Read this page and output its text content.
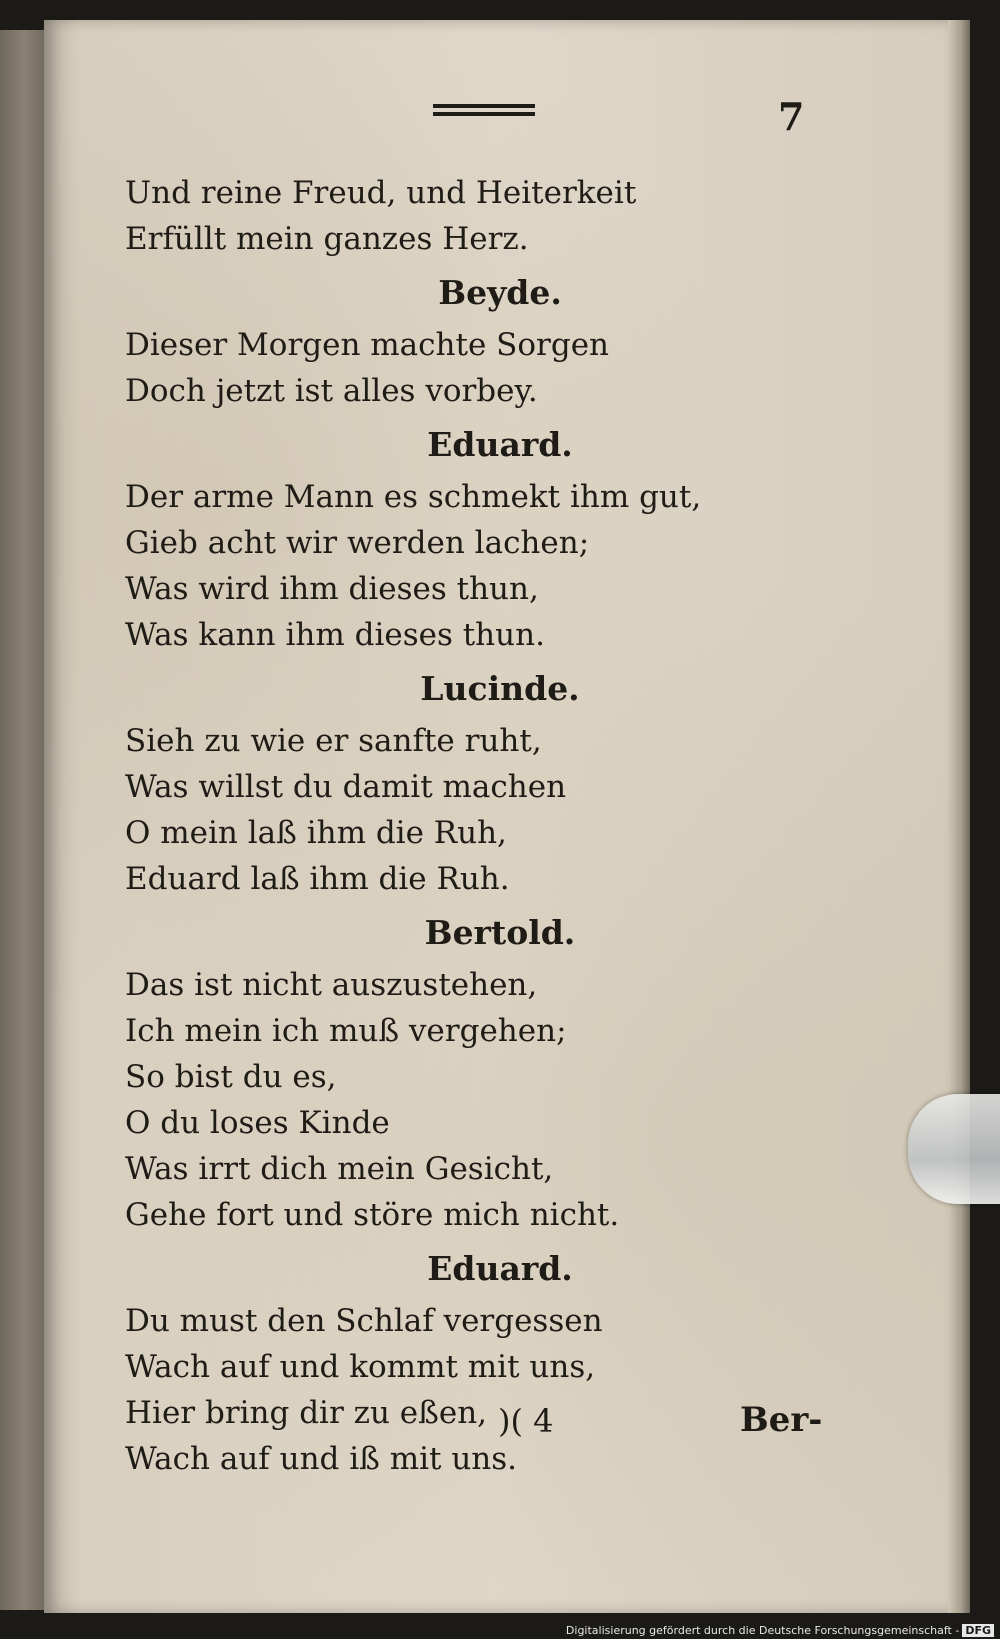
7
Und reine Freud, und Heiterkeit
Erfüllt mein ganzes Herz.
Beyde.
Dieser Morgen machte Sorgen
Doch jetzt ist alles vorbey.
Eduard.
Der arme Mann es schmekt ihm gut,
Gieb acht wir werden lachen;
Was wird ihm dieses thun,
Was kann ihm dieses thun.
Lucinde.
Sieh zu wie er sanfte ruht,
Was willst du damit machen
O mein laß ihm die Ruh,
Eduard laß ihm die Ruh.
Bertold.
Das ist nicht auszustehen,
Ich mein ich muß vergehen;
So bist du es,
O du loses Kinde
Was irrt dich mein Gesicht,
Gehe fort und störe mich nicht.
Eduard.
Du must den Schlaf vergessen
Wach auf und kommt mit uns,
Hier bring dir zu eßen,
Wach auf und iß mit uns.
)( 4	Ber-
Digitalisierung gefördert durch die Deutsche Forschungsgemeinschaft - DFG
